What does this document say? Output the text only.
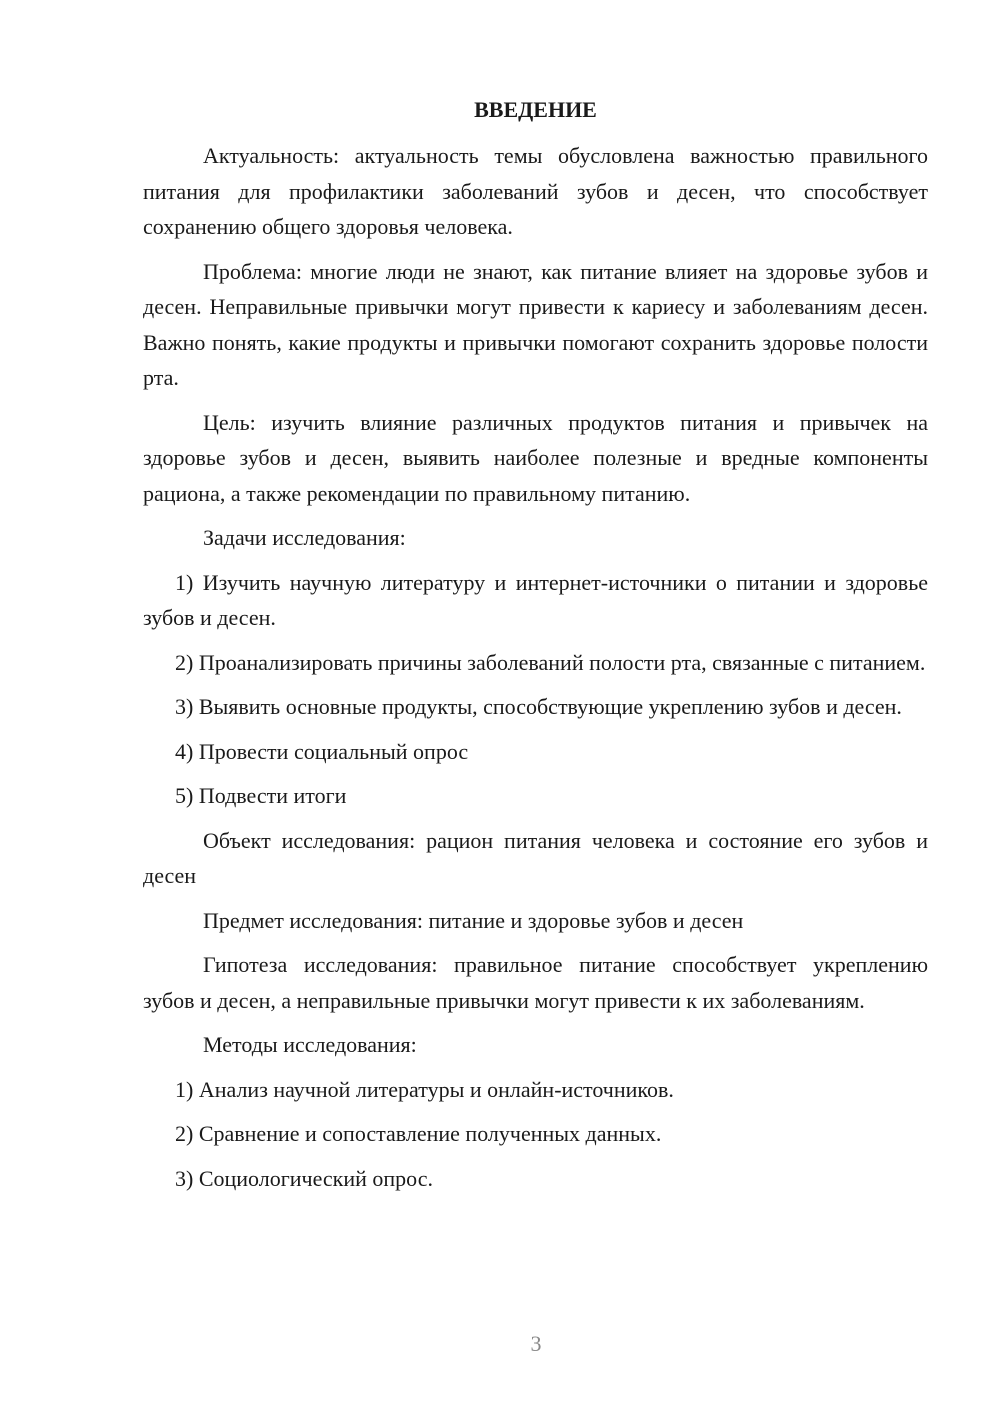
ВВЕДЕНИЕ
Актуальность: актуальность темы обусловлена важностью правильного питания для профилактики заболеваний зубов и десен, что способствует сохранению общего здоровья человека.
Проблема: многие люди не знают, как питание влияет на здоровье зубов и десен. Неправильные привычки могут привести к кариесу и заболеваниям десен. Важно понять, какие продукты и привычки помогают сохранить здоровье полости рта.
Цель: изучить влияние различных продуктов питания и привычек на здоровье зубов и десен, выявить наиболее полезные и вредные компоненты рациона, а также рекомендации по правильному питанию.
Задачи исследования:
1) Изучить научную литературу и интернет-источники о питании и здоровье зубов и десен.
2) Проанализировать причины заболеваний полости рта, связанные с питанием.
3) Выявить основные продукты, способствующие укреплению зубов и десен.
4) Провести социальный опрос
5) Подвести итоги
Объект исследования: рацион питания человека и состояние его зубов и десен
Предмет исследования: питание и здоровье зубов и десен
Гипотеза исследования: правильное питание способствует укреплению зубов и десен, а неправильные привычки могут привести к их заболеваниям.
Методы исследования:
1) Анализ научной литературы и онлайн-источников.
2) Сравнение и сопоставление полученных данных.
3) Социологический опрос.
3
